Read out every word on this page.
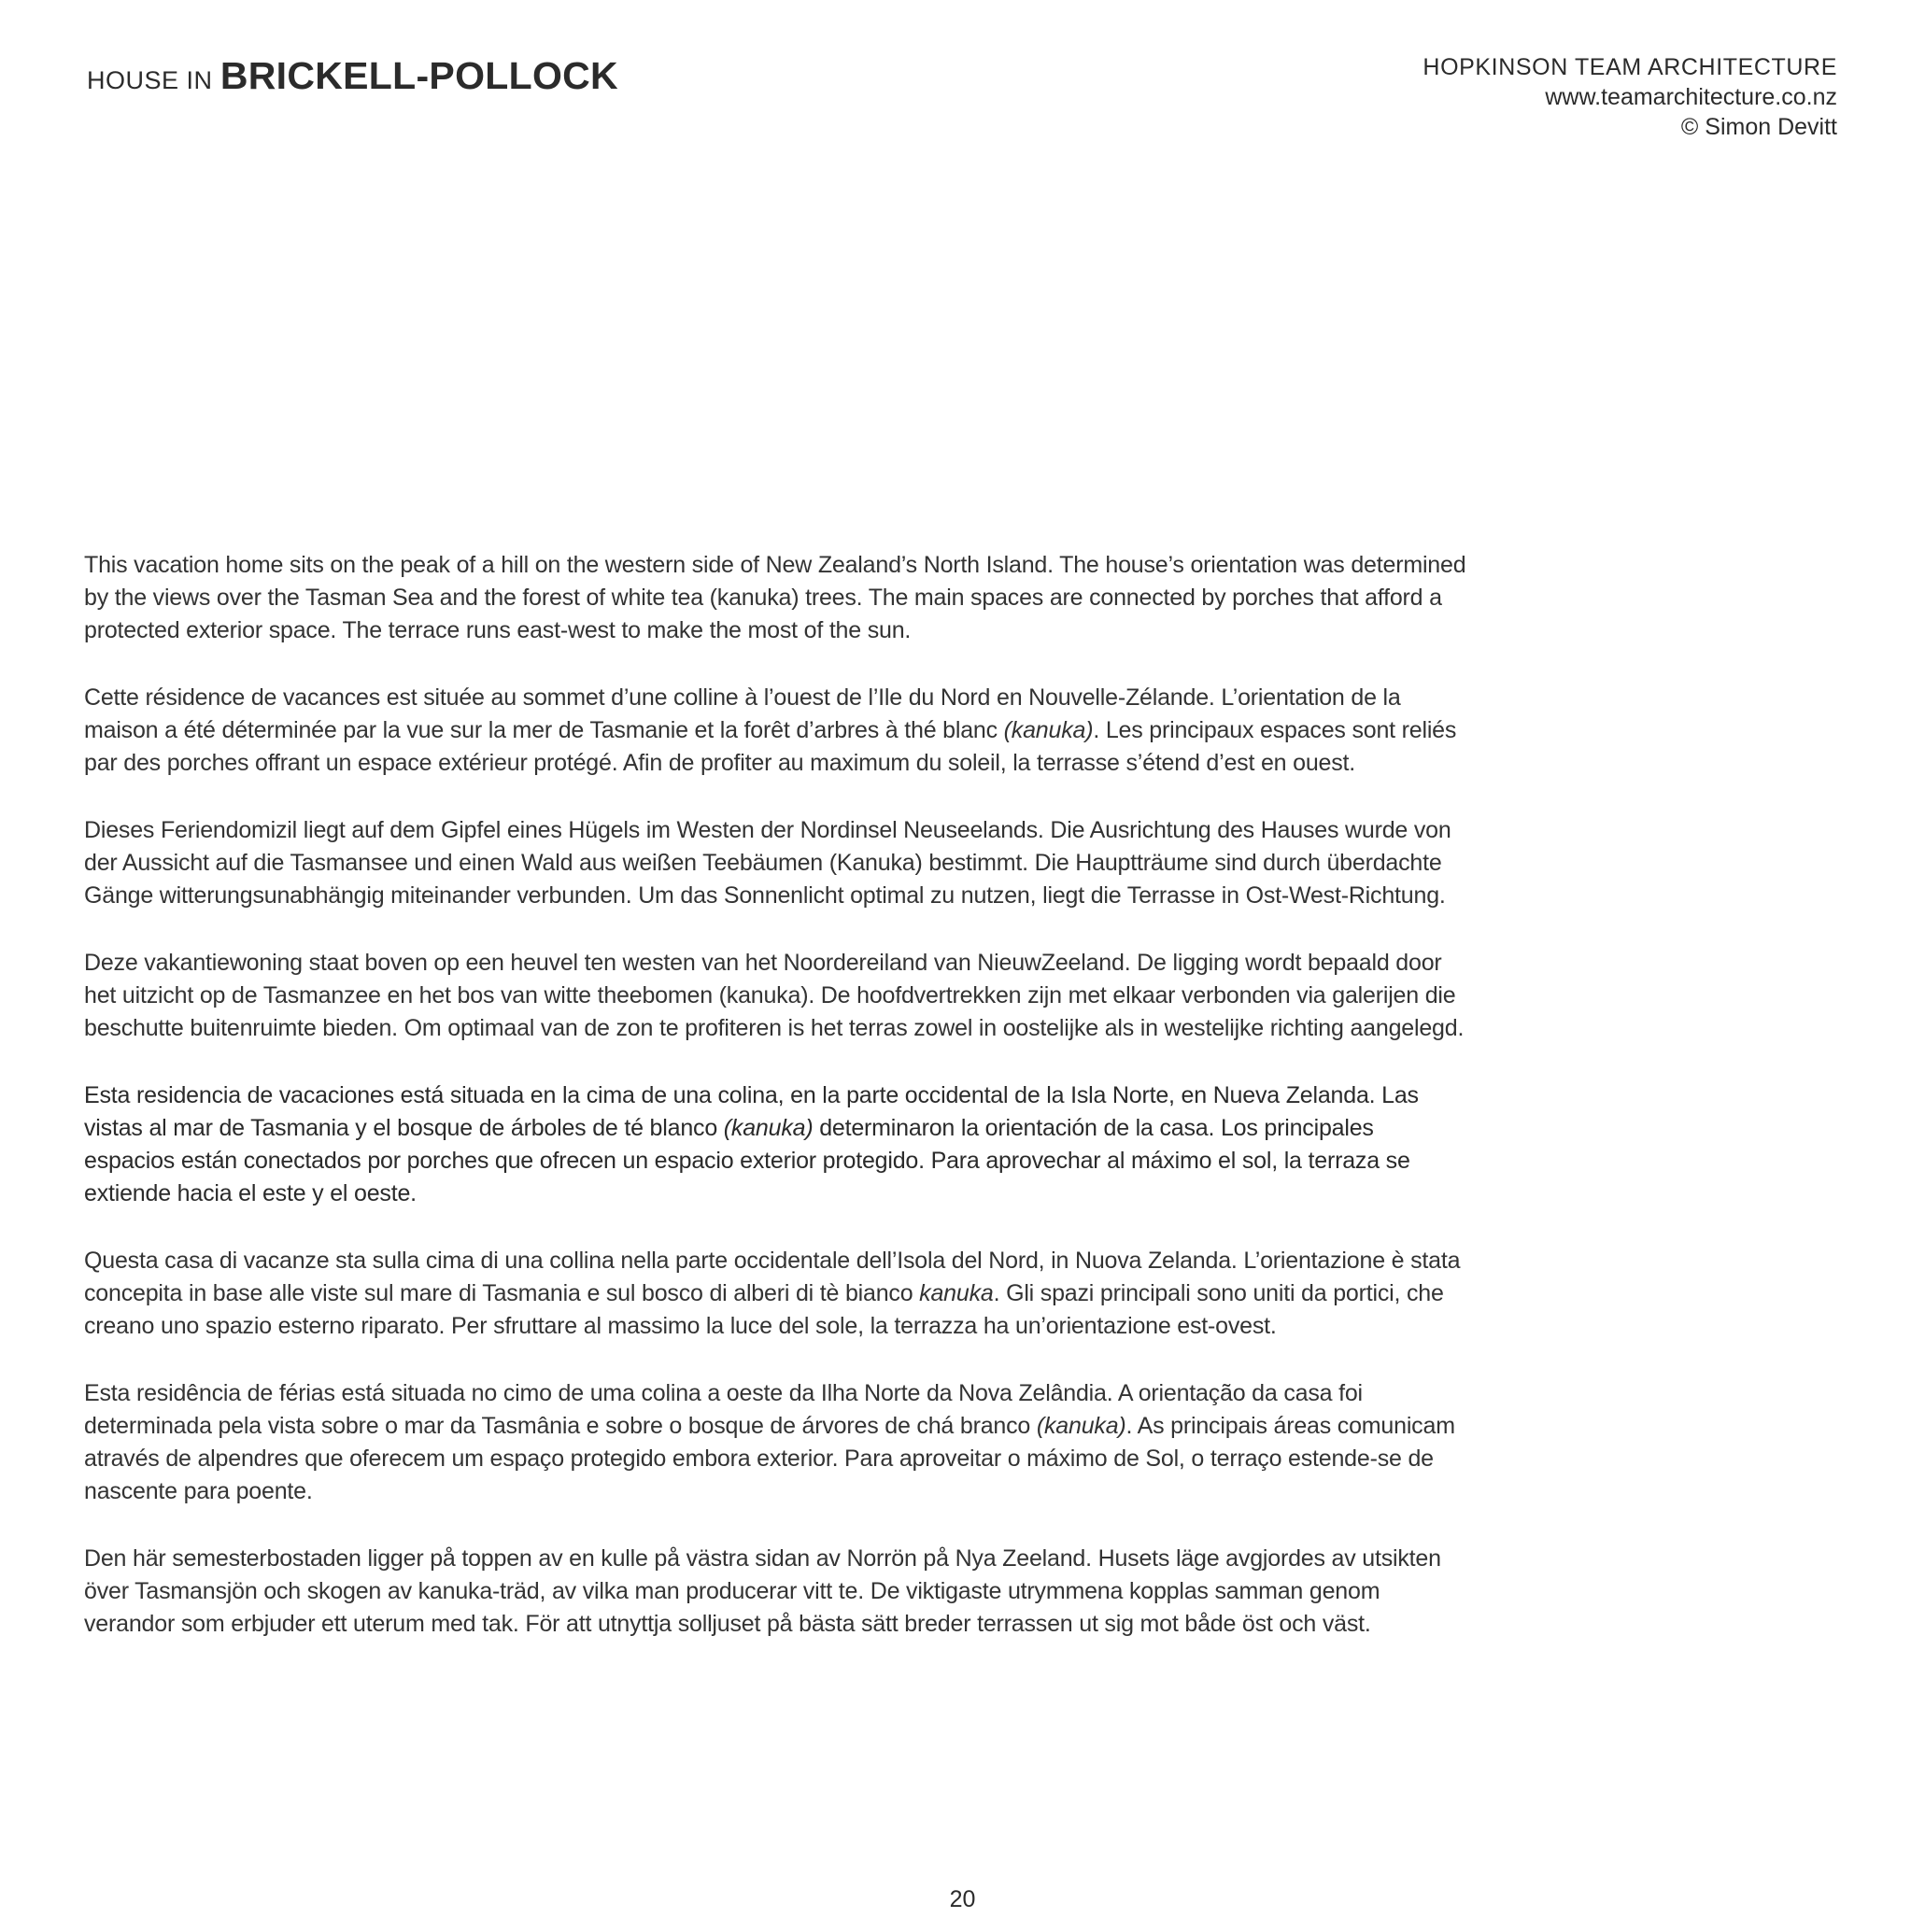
HOUSE IN BRICKELL-POLLOCK	HOPKINSON TEAM ARCHITECTURE
www.teamarchitecture.co.nz
© Simon Devitt

This vacation home sits on the peak of a hill on the western side of New Zealand’s North Island. The house’s orientation was determined by the views over the Tasman Sea and the forest of white tea (kanuka) trees. The main spaces are connected by porches that afford a protected exterior space. The terrace runs east-west to make the most of the sun.

Cette résidence de vacances est située au sommet d’une colline à l’ouest de l’Ile du Nord en Nouvelle-Zélande. L’orientation de la maison a été déterminée par la vue sur la mer de Tasmanie et la forêt d’arbres à thé blanc (kanuka). Les principaux espaces sont reliés par des porches offrant un espace extérieur protégé. Afin de profiter au maximum du soleil, la terrasse s’étend d’est en ouest.

Dieses Feriendomizil liegt auf dem Gipfel eines Hügels im Westen der Nordinsel Neuseelands. Die Ausrichtung des Hauses wurde von der Aussicht auf die Tasmansee und einen Wald aus weißen Teebäumen (Kanuka) bestimmt. Die Hauptträume sind durch überdachte Gänge witterungsunabhängig miteinander verbunden. Um das Sonnenlicht optimal zu nutzen, liegt die Terrasse in Ost-West-Richtung.

Deze vakantiewoning staat boven op een heuvel ten westen van het Noordereiland van NieuwZeeland. De ligging wordt bepaald door het uitzicht op de Tasmanzee en het bos van witte theebomen (kanuka). De hoofdvertrekken zijn met elkaar verbonden via galerijen die beschutte buitenruimte bieden. Om optimaal van de zon te profiteren is het terras zowel in oostelijke als in westelijke richting aangelegd.

Esta residencia de vacaciones está situada en la cima de una colina, en la parte occidental de la Isla Norte, en Nueva Zelanda. Las vistas al mar de Tasmania y el bosque de árboles de té blanco (kanuka) determinaron la orientación de la casa. Los principales espacios están conectados por porches que ofrecen un espacio exterior protegido. Para aprovechar al máximo el sol, la terraza se extiende hacia el este y el oeste.

Questa casa di vacanze sta sulla cima di una collina nella parte occidentale dell’Isola del Nord, in Nuova Zelanda. L’orientazione è stata concepita in base alle viste sul mare di Tasmania e sul bosco di alberi di tè bianco kanuka. Gli spazi principali sono uniti da portici, che creano uno spazio esterno riparato. Per sfruttare al massimo la luce del sole, la terrazza ha un’orientazione est-ovest.

Esta residência de férias está situada no cimo de uma colina a oeste da Ilha Norte da Nova Zelândia. A orientação da casa foi determinada pela vista sobre o mar da Tasmânia e sobre o bosque de árvores de chá branco (kanuka). As principais áreas comunicam através de alpendres que oferecem um espaço protegido embora exterior. Para aproveitar o máximo de Sol, o terraço estende-se de nascente para poente.

Den här semesterbostaden ligger på toppen av en kulle på västra sidan av Norrön på Nya Zeeland. Husets läge avgjordes av utsikten över Tasmansjön och skogen av kanuka-träd, av vilka man producerar vitt te. De viktigaste utrymmena kopplas samman genom verandor som erbjuder ett uterum med tak. För att utnyttja solljuset på bästa sätt breder terrassen ut sig mot både öst och väst.

20
